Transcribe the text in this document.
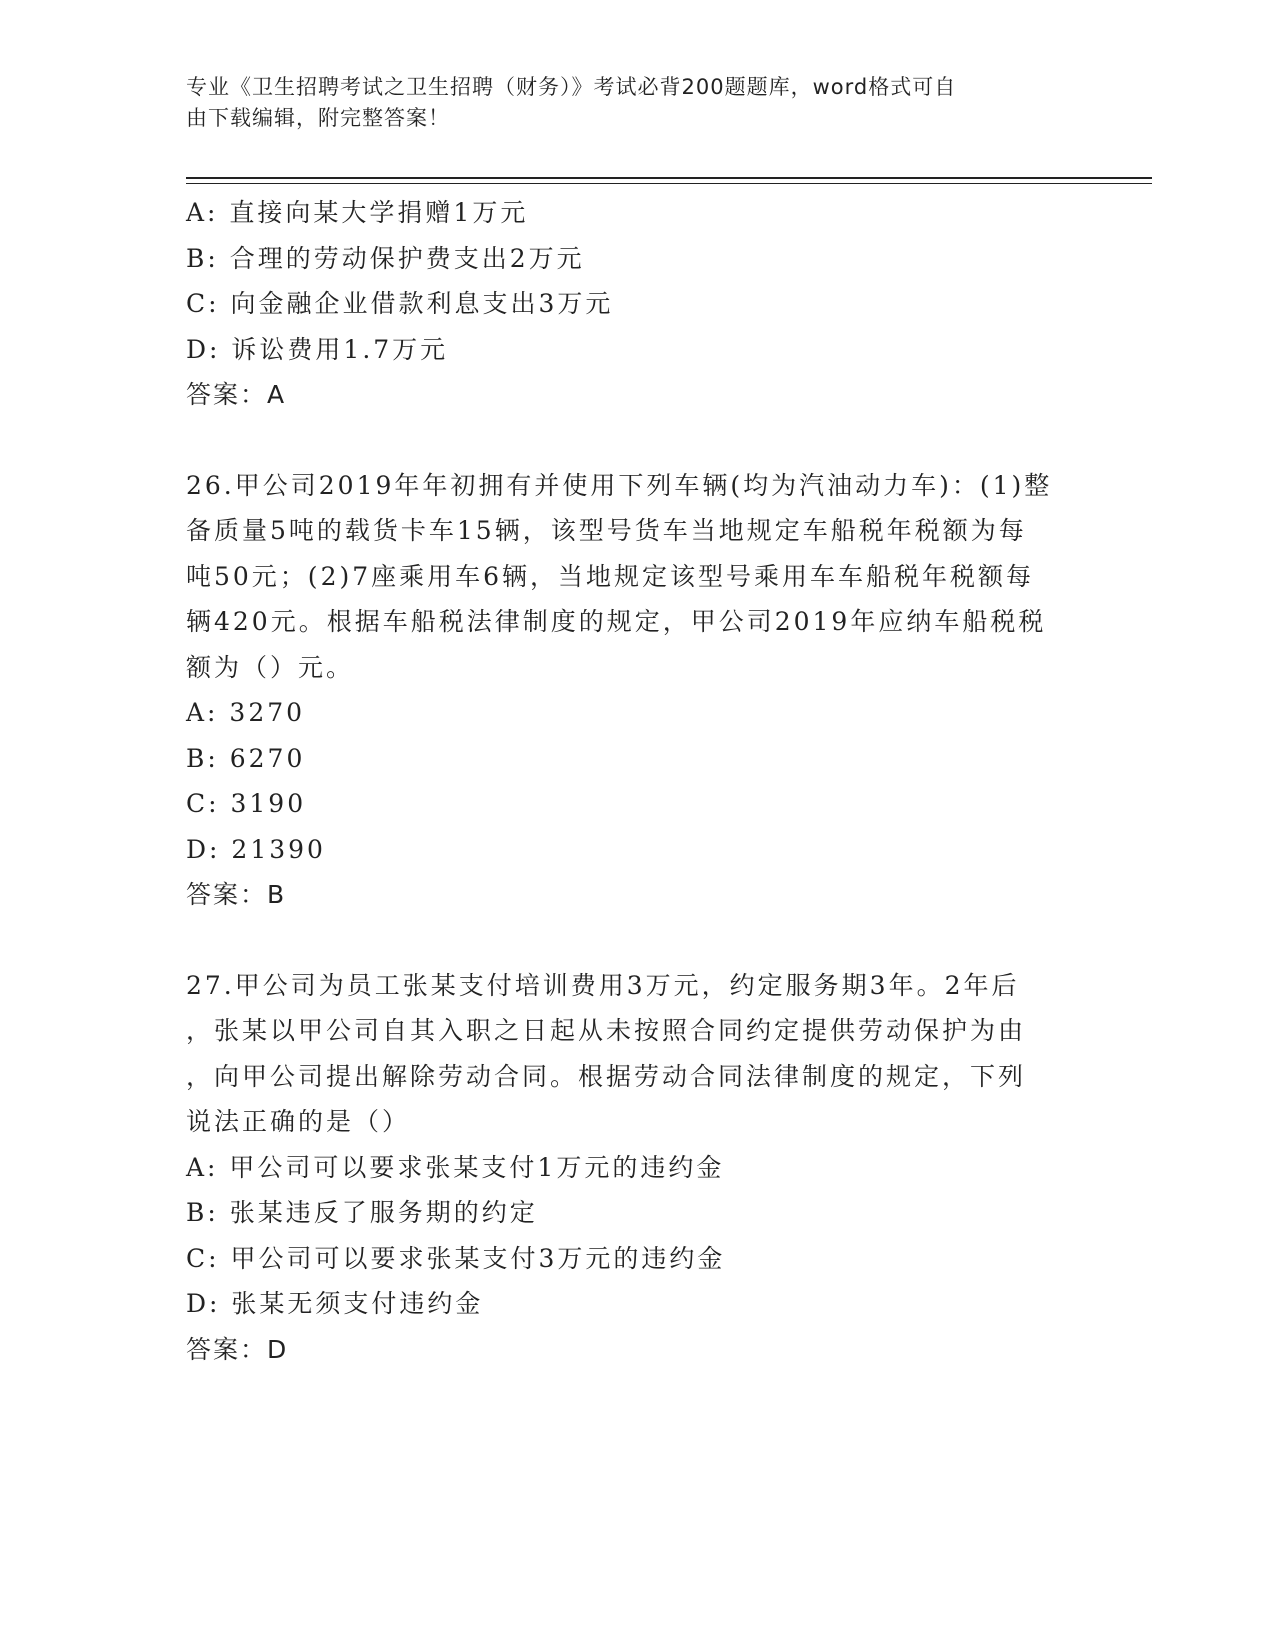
专业《卫生招聘考试之卫生招聘（财务）》考试必背200题题库，word格式可自
由下载编辑，附完整答案！
A: 直接向某大学捐赠1万元
B: 合理的劳动保护费支出2万元
C: 向金融企业借款利息支出3万元
D: 诉讼费用1.7万元
答案：A
26.甲公司2019年年初拥有并使用下列车辆(均为汽油动力车)：(1)整
备质量5吨的载货卡车15辆，该型号货车当地规定车船税年税额为每
吨50元；(2)7座乘用车6辆，当地规定该型号乘用车车船税年税额每
辆420元。根据车船税法律制度的规定，甲公司2019年应纳车船税税
额为（）元。
A: 3270
B: 6270
C: 3190
D: 21390
答案：B
27.甲公司为员工张某支付培训费用3万元，约定服务期3年。2年后
，张某以甲公司自其入职之日起从未按照合同约定提供劳动保护为由
，向甲公司提出解除劳动合同。根据劳动合同法律制度的规定，下列
说法正确的是（）
A: 甲公司可以要求张某支付1万元的违约金
B: 张某违反了服务期的约定
C: 甲公司可以要求张某支付3万元的违约金
D: 张某无须支付违约金
答案：D
